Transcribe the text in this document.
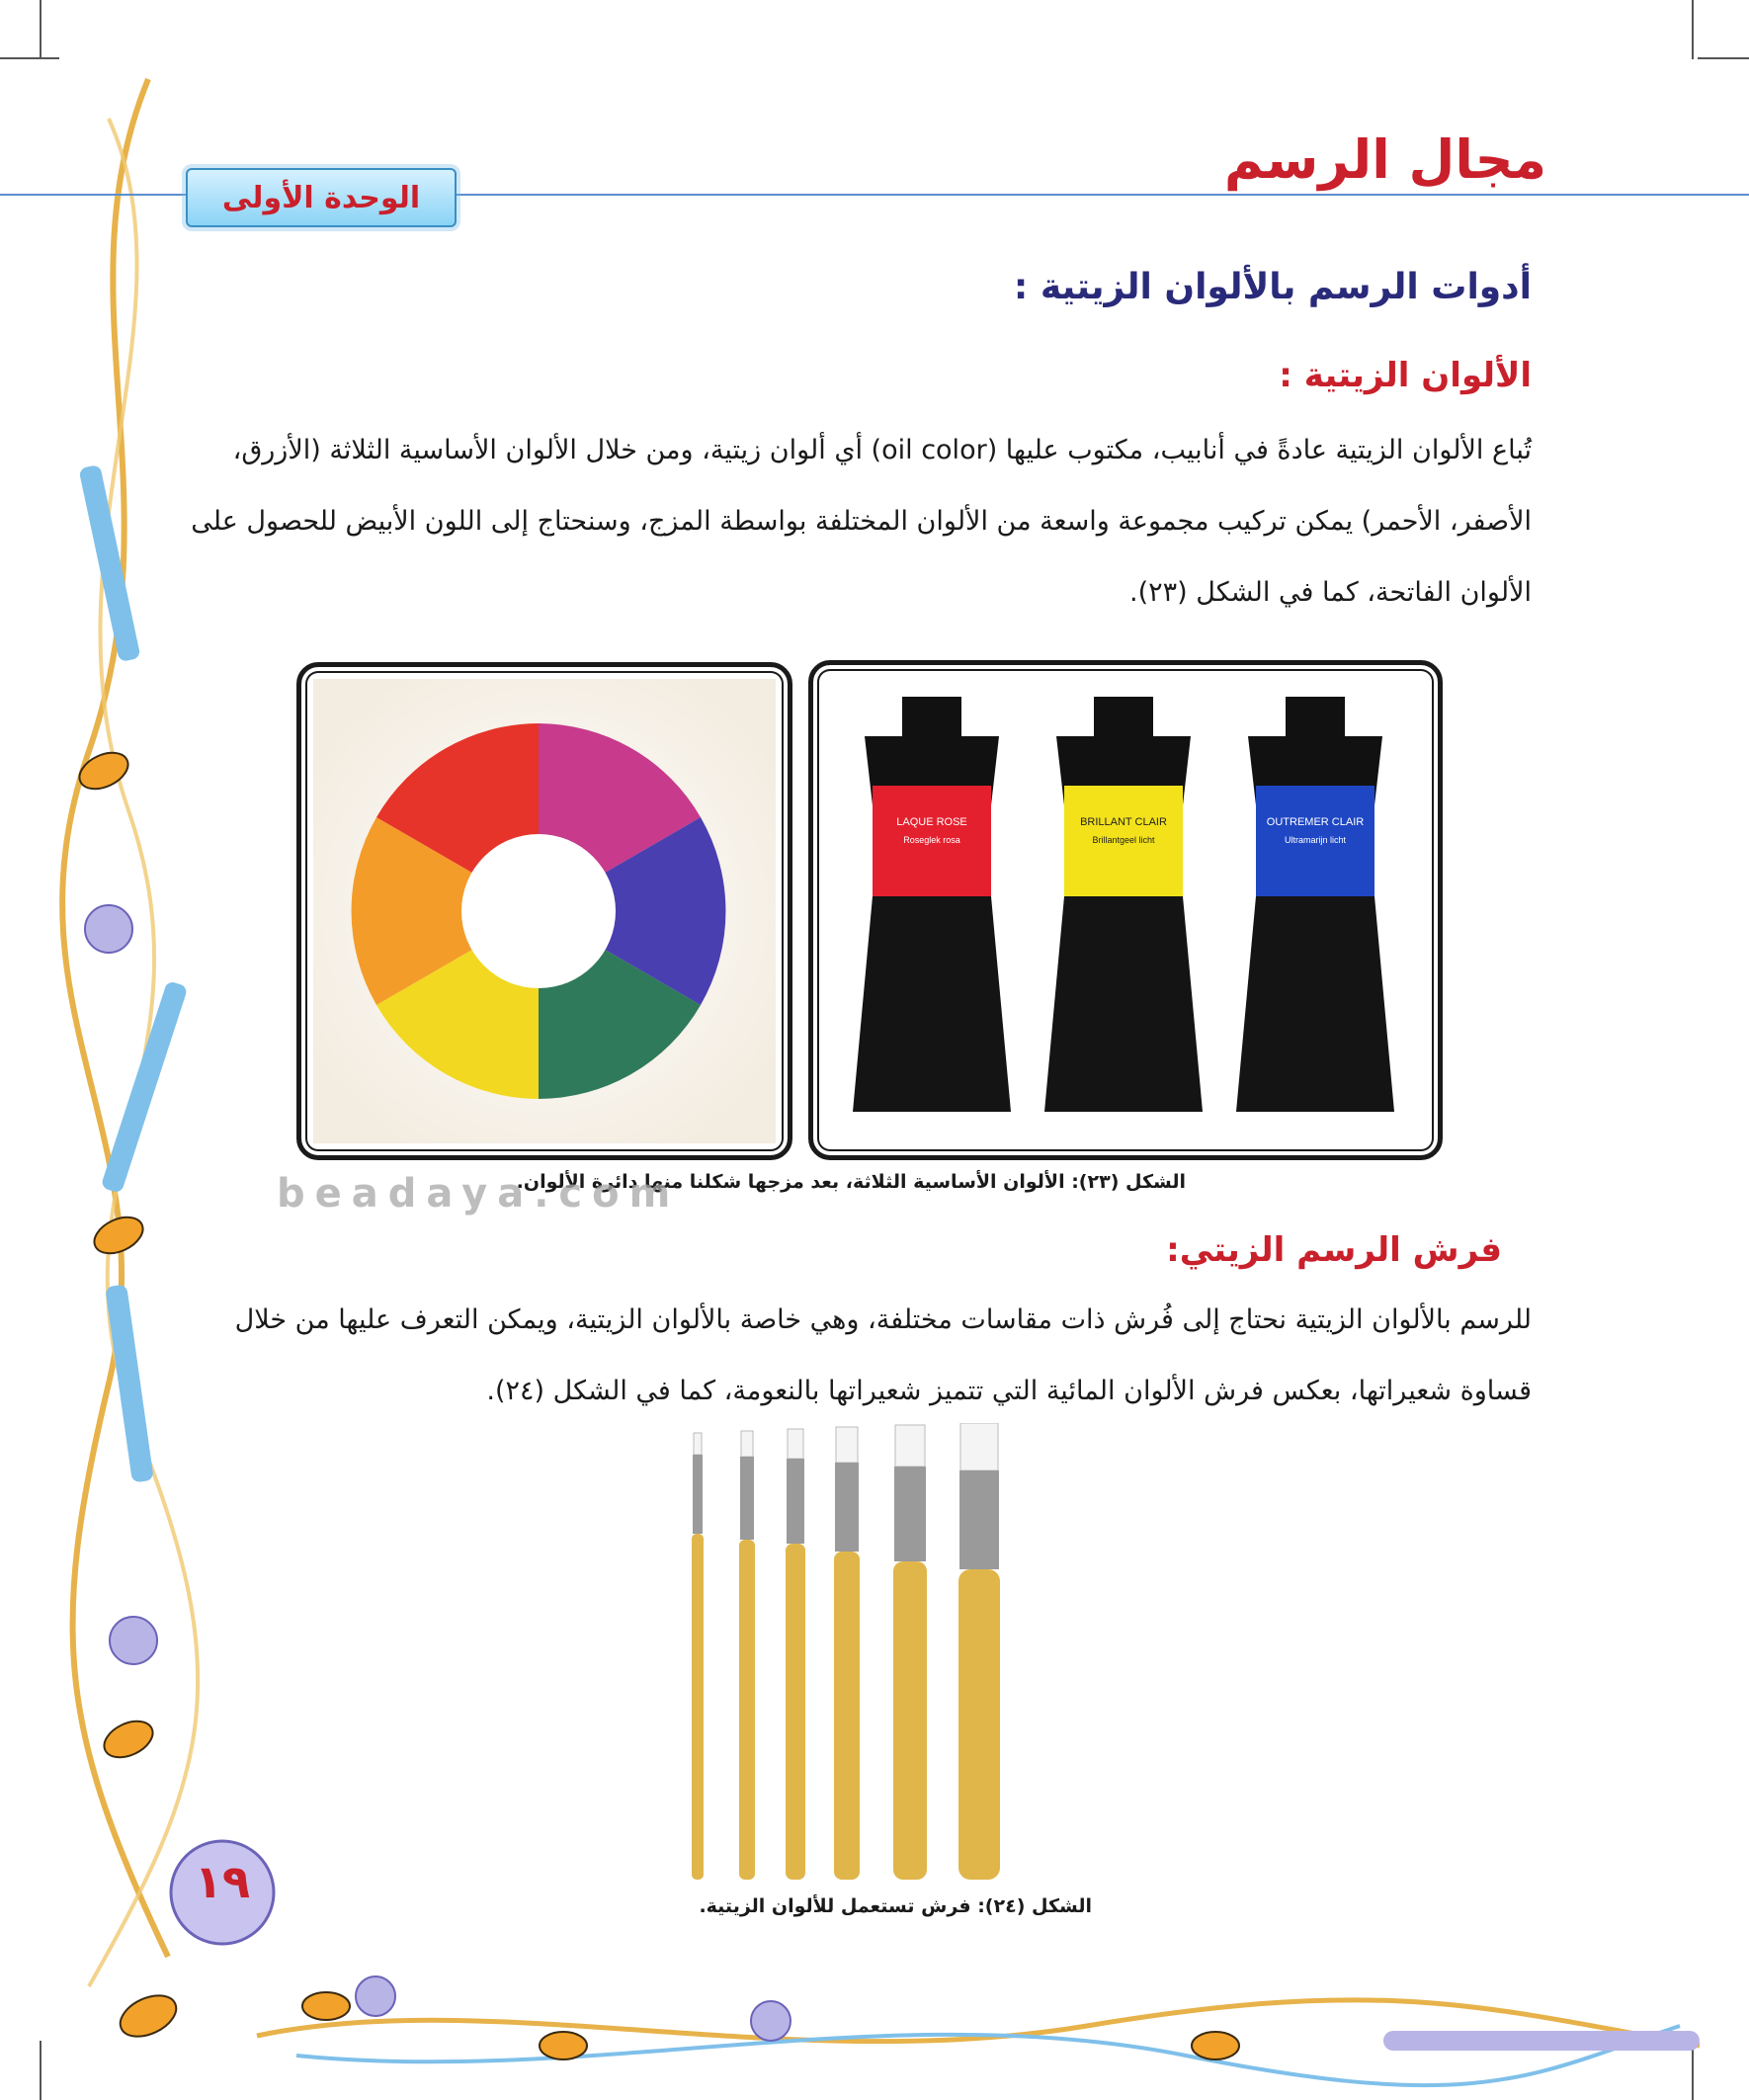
الوحدة الأولى
مجال الرسم
أدوات الرسم بالألوان الزيتية :
الألوان الزيتية :
تُباع الألوان الزيتية عادةً في أنابيب، مكتوب عليها (oil color) أي ألوان زيتية، ومن خلال الألوان الأساسية الثلاثة (الأزرق، الأصفر، الأحمر) يمكن تركيب مجموعة واسعة من الألوان المختلفة بواسطة المزج، وسنحتاج إلى اللون الأبيض للحصول على الألوان الفاتحة، كما في الشكل (٢٣).
LAQUE ROSE
Roseglek rosa
BRILLANT CLAIR
Brillantgeel licht
OUTREMER CLAIR
Ultramarijn licht
الشكل (٢٣): الألوان الأساسية الثلاثة، بعد مزجها شكلنا منها دائرة الألوان.
beadaya.com
فرش الرسم الزيتي:
للرسم بالألوان الزيتية نحتاج إلى فُرش ذات مقاسات مختلفة، وهي خاصة بالألوان الزيتية، ويمكن التعرف عليها من خلال قساوة شعيراتها، بعكس فرش الألوان المائية التي تتميز شعيراتها بالنعومة، كما في الشكل (٢٤).
الشكل (٢٤): فرش تستعمل للألوان الزيتية.
١٩
